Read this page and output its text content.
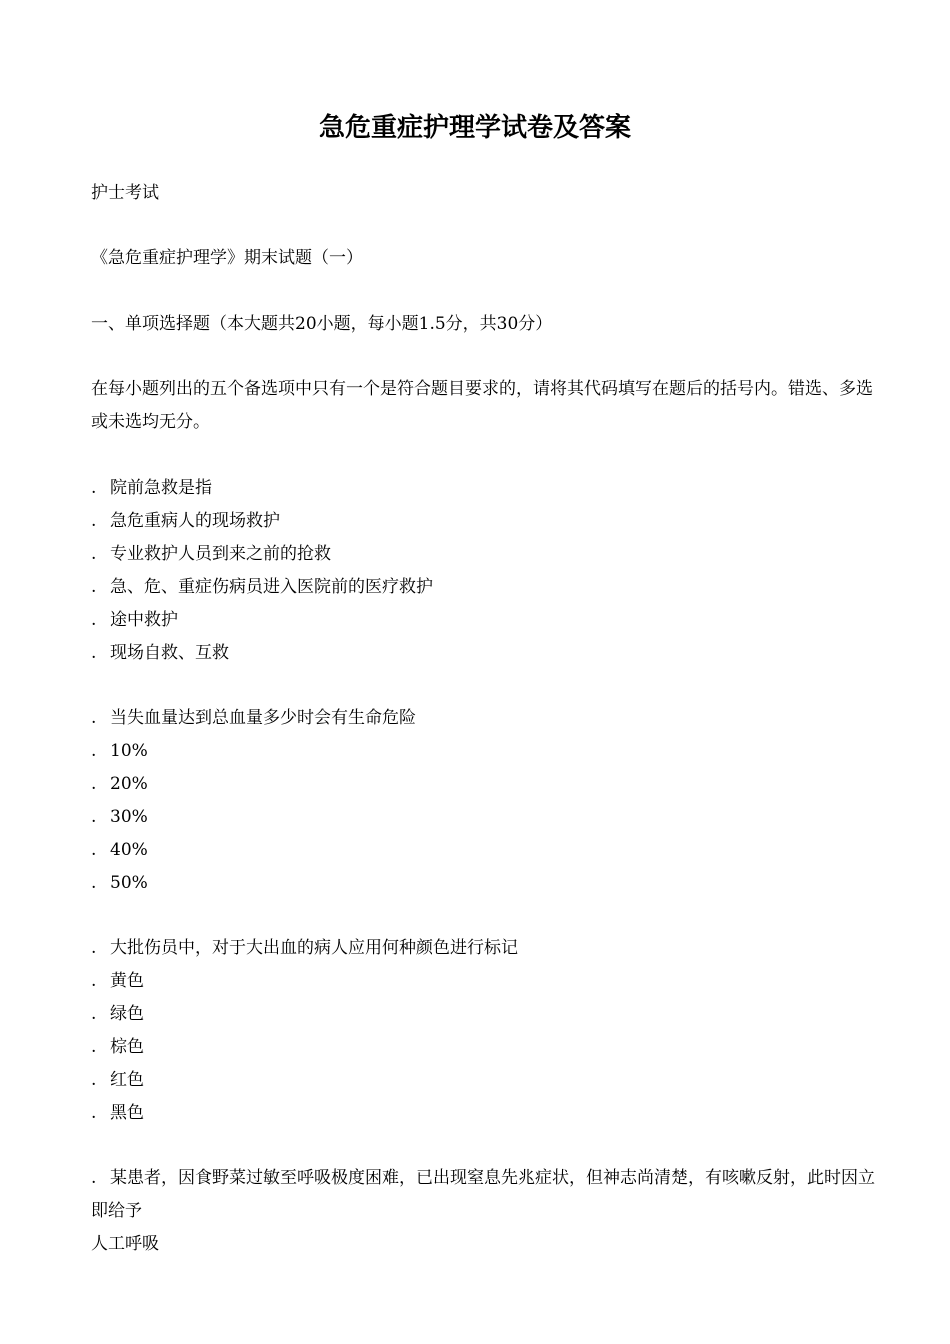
急危重症护理学试卷及答案
护士考试
《急危重症护理学》期末试题（一）
一、单项选择题（本大题共20小题，每小题1.5分，共30分）
在每小题列出的五个备选项中只有一个是符合题目要求的，请将其代码填写在题后的括号内。错选、多选或未选均无分。
. 院前急救是指
. 急危重病人的现场救护
. 专业救护人员到来之前的抢救
. 急、危、重症伤病员进入医院前的医疗救护
. 途中救护
. 现场自救、互救
. 当失血量达到总血量多少时会有生命危险
. 10%
. 20%
. 30%
. 40%
. 50%
. 大批伤员中，对于大出血的病人应用何种颜色进行标记
. 黄色
. 绿色
. 棕色
. 红色
. 黑色
. 某患者，因食野菜过敏至呼吸极度困难，已出现窒息先兆症状，但神志尚清楚，有咳嗽反射，此时因立即给予
人工呼吸
